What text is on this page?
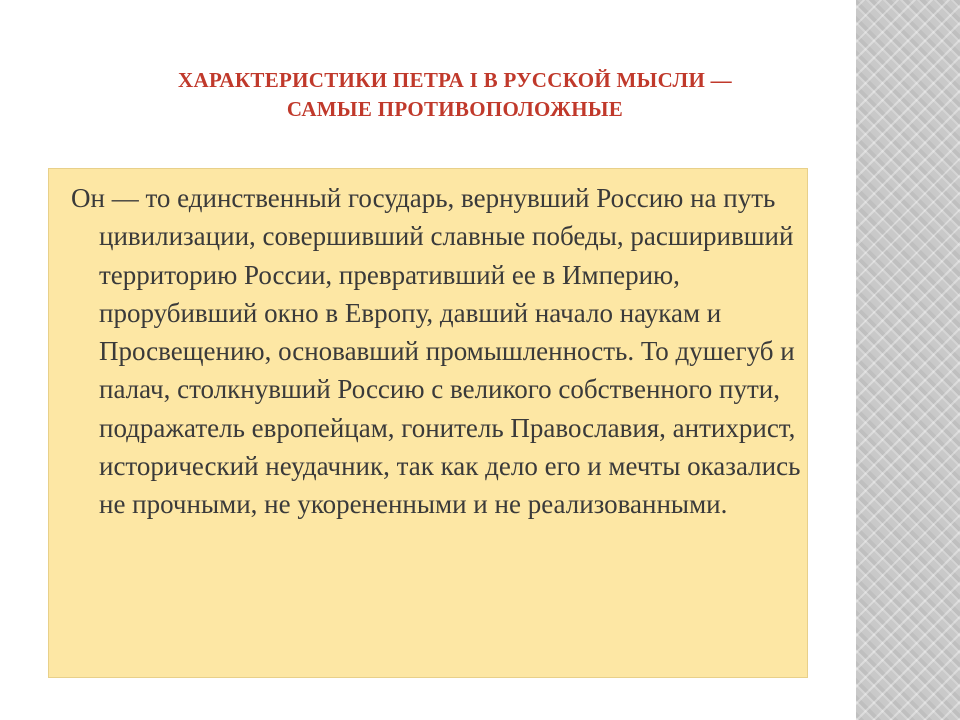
ХАРАКТЕРИСТИКИ ПЕТРА I В РУССКОЙ МЫСЛИ —
САМЫЕ ПРОТИВОПОЛОЖНЫЕ

Он — то единственный государь, вернувший Россию на путь цивилизации, совершивший славные победы, расширивший территорию России, превративший ее в Империю, прорубивший окно в Европу, давший начало наукам и Просвещению, основавший промышленность. То душегуб и палач, столкнувший Россию с великого собственного пути, подражатель европейцам, гонитель Православия, антихрист, исторический неудачник, так как дело его и мечты оказались не прочными, не укорененными и не реализованными.
